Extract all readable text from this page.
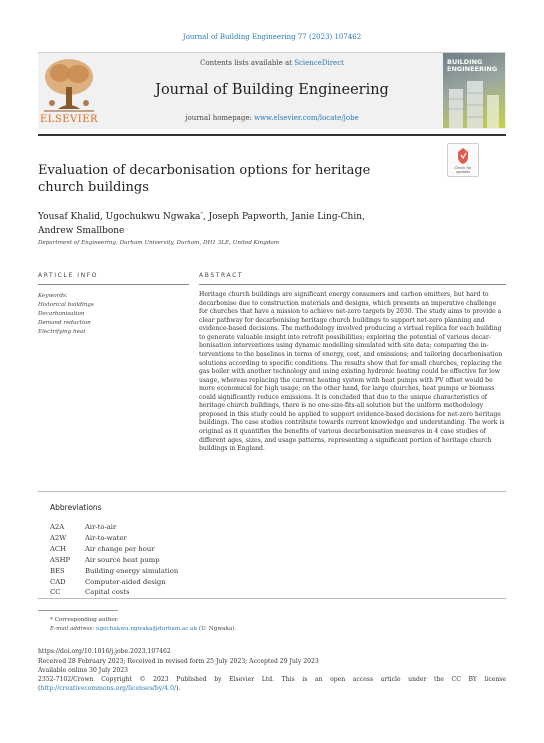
Journal of Building Engineering 77 (2023) 107462
Contents lists available at ScienceDirect
Journal of Building Engineering
journal homepage: www.elsevier.com/locate/jobe
ELSEVIER
BUILDING
ENGINEERING
Evaluation of decarbonisation options for heritage
church buildings
Check for
updates
Yousaf Khalid, Ugochukwu Ngwaka*, Joseph Papworth, Janie Ling-Chin,
Andrew Smallbone
Department of Engineering, Durham University, Durham, DH1 3LE, United Kingdom
ARTICLE INFO	ABSTRACT
Keywords:
Historical buildings
Decarbonisation
Demand reduction
Electrifying heat
Heritage church buildings are significant energy consumers and carbon emitters, but hard to
decarbonise due to construction materials and designs, which presents an imperative challenge
for churches that have a mission to achieve net-zero targets by 2030. The study aims to provide a
clear pathway for decarbonising heritage church buildings to support net-zero planning and
evidence-based decisions. The methodology involved producing a virtual replica for each building
to generate valuable insight into retrofit possibilities; exploring the potential of various decar-
bonisation interventions using dynamic modelling simulated with site data; comparing the in-
terventions to the baselines in terms of energy, cost, and emissions; and tailoring decarbonisation
solutions according to specific conditions. The results show that for small churches, replacing the
gas boiler with another technology and using existing hydronic heating could be effective for low
usage, whereas replacing the current heating system with heat pumps with PV offset would be
more economical for high usage; on the other hand, for large churches, heat pumps or biomass
could significantly reduce emissions. It is concluded that due to the unique characteristics of
heritage church buildings, there is no one-size-fits-all solution but the uniform methodology
proposed in this study could be applied to support evidence-based decisions for net-zero heritage
buildings. The case studies contribute towards current knowledge and understanding. The work is
original as it quantifies the benefits of various decarbonisation measures in 4 case studies of
different ages, sizes, and usage patterns, representing a significant portion of heritage church
buildings in England.
Abbreviations
A2A	Air-to-air
A2W	Air-to-water
ACH	Air change per hour
ASHP Air source heat pump
BES	Building energy simulation
CAD	Computer-aided design
CC	Capital costs
* Corresponding author.
E-mail address: ugochukwu.ngwaka@durham.ac.uk (U. Ngwaka).
https://doi.org/10.1016/j.jobe.2023.107462
Received 28 February 2023; Received in revised form 25 July 2023; Accepted 29 July 2023
Available online 30 July 2023
2352-7102/Crown Copyright © 2023 Published by Elsevier Ltd. This is an open access article under the CC BY license (http://creativecommons.org/licenses/by/4.0/).
